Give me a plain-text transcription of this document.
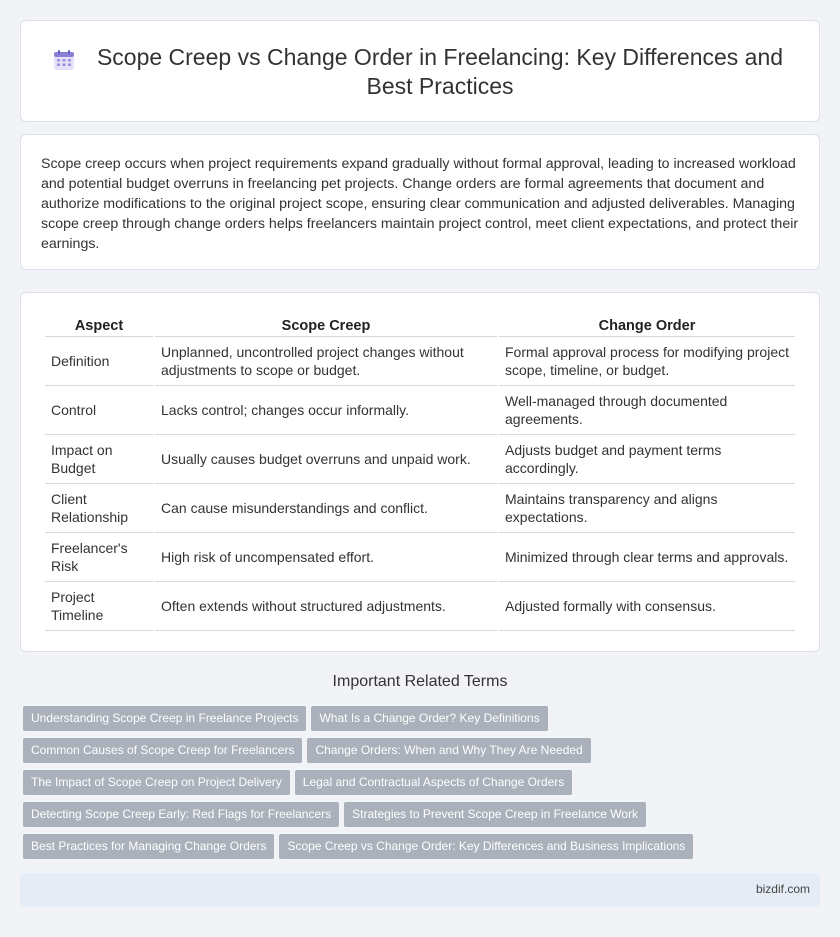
Scope Creep vs Change Order in Freelancing: Key Differences and Best Practices

Scope creep occurs when project requirements expand gradually without formal approval, leading to increased workload and potential budget overruns in freelancing pet projects. Change orders are formal agreements that document and authorize modifications to the original project scope, ensuring clear communication and adjusted deliverables. Managing scope creep through change orders helps freelancers maintain project control, meet client expectations, and protect their earnings.

Aspect	Scope Creep	Change Order
Definition	Unplanned, uncontrolled project changes without adjustments to scope or budget.	Formal approval process for modifying project scope, timeline, or budget.
Control	Lacks control; changes occur informally.	Well-managed through documented agreements.
Impact on Budget	Usually causes budget overruns and unpaid work.	Adjusts budget and payment terms accordingly.
Client Relationship	Can cause misunderstandings and conflict.	Maintains transparency and aligns expectations.
Freelancer's Risk	High risk of uncompensated effort.	Minimized through clear terms and approvals.
Project Timeline	Often extends without structured adjustments.	Adjusted formally with consensus.
Important Related Terms
Understanding Scope Creep in Freelance Projects What Is a Change Order? Key Definitions
Common Causes of Scope Creep for Freelancers Change Orders: When and Why They Are Needed
The Impact of Scope Creep on Project Delivery Legal and Contractual Aspects of Change Orders
Detecting Scope Creep Early: Red Flags for Freelancers Strategies to Prevent Scope Creep in Freelance Work
Best Practices for Managing Change Orders Scope Creep vs Change Order: Key Differences and Business Implications
bizdif.com
